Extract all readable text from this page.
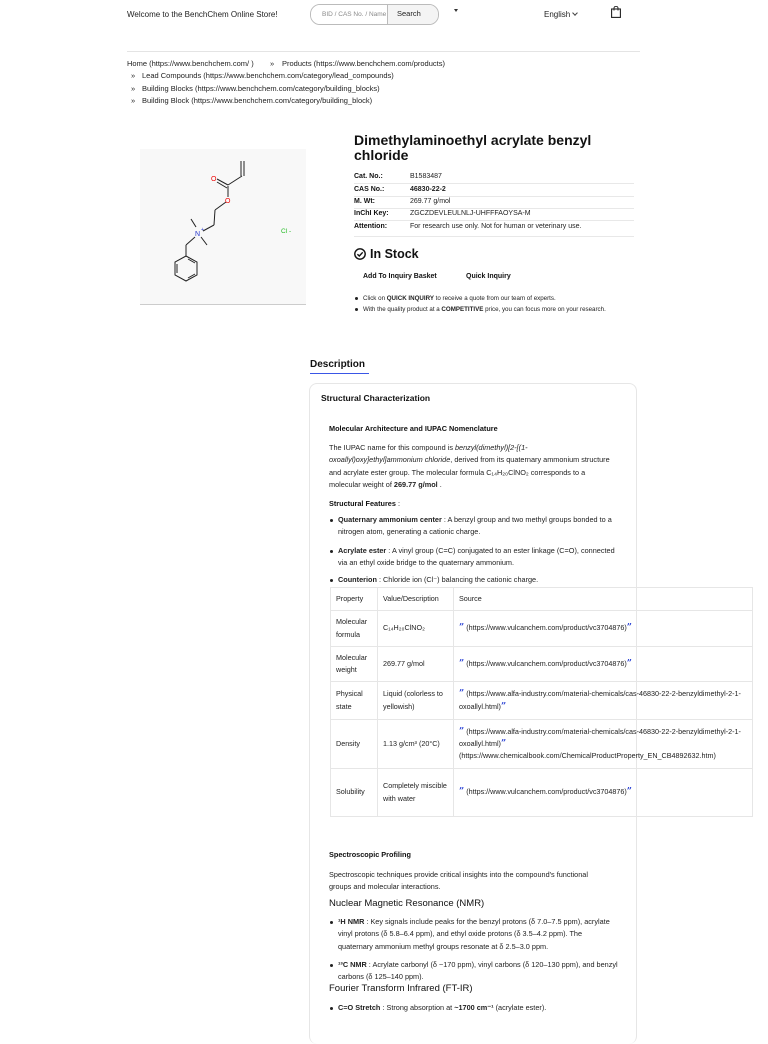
Welcome to the BenchChem Online Store!
BID / CAS No. / Name / InChI	Search	English
Home (https://www.benchchem.com/ ) » Products (https://www.benchchem.com/products)
» Lead Compounds (https://www.benchchem.com/category/lead_compounds)
» Building Blocks (https://www.benchchem.com/category/building_blocks)
» Building Block (https://www.benchchem.com/category/building_block)
O
O
N
+	Cl -
Dimethylaminoethyl acrylate benzyl chloride
Cat. No.:	B1583487
CAS No.:	46830-22-2
M. Wt:	269.77 g/mol
InChI Key:	ZGCZDEVLEULNLJ-UHFFFAOYSA-M
Attention:	For research use only. Not for human or veterinary use.
In Stock
Add To Inquiry Basket	Quick Inquiry
Click on QUICK INQUIRY to receive a quote from our team of experts.
With the quality product at a COMPETITIVE price, you can focus more on your research.
Description
Structural Characterization
Molecular Architecture and IUPAC Nomenclature
The IUPAC name for this compound is benzyl(dimethyl)[2-[(1-oxoallyl)oxy]ethyl]ammonium chloride, derived from its quaternary ammonium structure and acrylate ester group. The molecular formula C₁₄H₂₀ClNO₂ corresponds to a molecular weight of 269.77 g/mol .
Structural Features :
Quaternary ammonium center : A benzyl group and two methyl groups bonded to a nitrogen atom, generating a cationic charge.
Acrylate ester : A vinyl group (C=C) conjugated to an ester linkage (C=O), connected via an ethyl oxide bridge to the quaternary ammonium.
Counterion : Chloride ion (Cl⁻) balancing the cationic charge.
Property	Value/Description	Source
Molecular formula	C₁₄H₂₀ClNO₂	” (https://www.vulcanchem.com/product/vc3704876)”
Molecular weight	269.77 g/mol	” (https://www.vulcanchem.com/product/vc3704876)”
Physical state	Liquid (colorless to yellowish)	” (https://www.alfa-industry.com/material-chemicals/cas-46830-22-2-benzyldimethyl-2-1-oxoallyl.html)”
Density	1.13 g/cm³ (20°C)	” (https://www.alfa-industry.com/material-chemicals/cas-46830-22-2-benzyldimethyl-2-1-oxoallyl.html)”
(https://www.chemicalbook.com/ChemicalProductProperty_EN_CB4892632.htm)
Solubility	Completely miscible with water	” (https://www.vulcanchem.com/product/vc3704876)”
Spectroscopic Profiling
Spectroscopic techniques provide critical insights into the compound's functional groups and molecular interactions.
Nuclear Magnetic Resonance (NMR)
¹H NMR : Key signals include peaks for the benzyl protons (δ 7.0–7.5 ppm), acrylate vinyl protons (δ 5.8–6.4 ppm), and ethyl oxide protons (δ 3.5–4.2 ppm). The quaternary ammonium methyl groups resonate at δ 2.5–3.0 ppm.
¹³C NMR : Acrylate carbonyl (δ ~170 ppm), vinyl carbons (δ 120–130 ppm), and benzyl carbons (δ 125–140 ppm).
Fourier Transform Infrared (FT-IR)
C=O Stretch : Strong absorption at ~1700 cm⁻¹ (acrylate ester).
